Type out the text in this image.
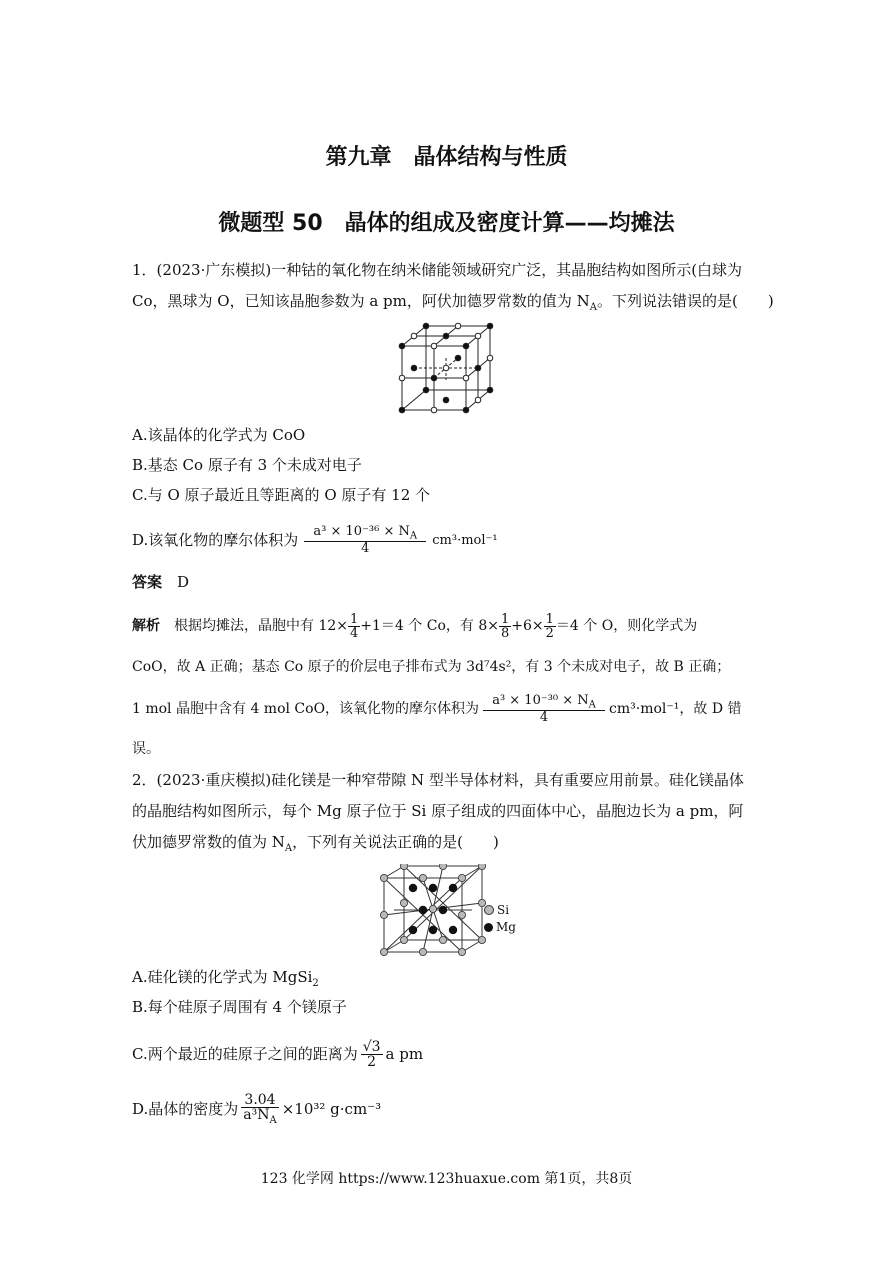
第九章　晶体结构与性质
微题型 50　晶体的组成及密度计算——均摊法
1．(2023·广东模拟)一种钴的氧化物在纳米储能领域研究广泛，其晶胞结构如图所示(白球为
Co，黑球为 O，已知该晶胞参数为 a pm，阿伏加德罗常数的值为 $N_A$。下列说法错误的是(　　)
A.该晶体的化学式为 CoO
B.基态 Co 原子有 3 个未成对电子
C.与 O 原子最近且等距离的 O 原子有 12 个
D.该氧化物的摩尔体积为 $\frac{a^3 \times 10^{-36} \times N_A}{4} cm^3\cdot mol^{-1}$
答案　 D
解析 根据均摊法，晶胞中有 $12\times \frac{1}{4} +1=4$ 个 Co，有 $8\times \frac{1}{8} +6\times \frac{1}{2} =4$ 个 O，则化学式为
CoO，故 A 正确；基态 Co 原子的价层电子排布式为 3d⁷4s²，有 3 个未成对电子，故 B 正确；
1 mol 晶胞中含有 4 mol CoO，该氧化物的摩尔体积为 $\frac{a^3 \times 10^{-30} \times N_A}{4} cm^3\cdot mol^{-1}$，故 D 错
误。
2．(2023·重庆模拟)硅化镁是一种窄带隙 N 型半导体材料，具有重要应用前景。硅化镁晶体
的晶胞结构如图所示，每个 Mg 原子位于 Si 原子组成的四面体中心，晶胞边长为 a pm，阿
伏加德罗常数的值为 $N_A$，下列有关说法正确的是(　　)
Si
Mg
A.硅化镁的化学式为 MgSi$_2$
B.每个硅原子周围有 4 个镁原子
C.两个最近的硅原子之间的距离为 $\frac{√3}{2}$ a pm
D.晶体的密度为 $\frac{3.04}{a^3N_A} \times 10^{32}$ g·cm⁻³
123 化学网 https://www.123huaxue.com 第1页，共8页
